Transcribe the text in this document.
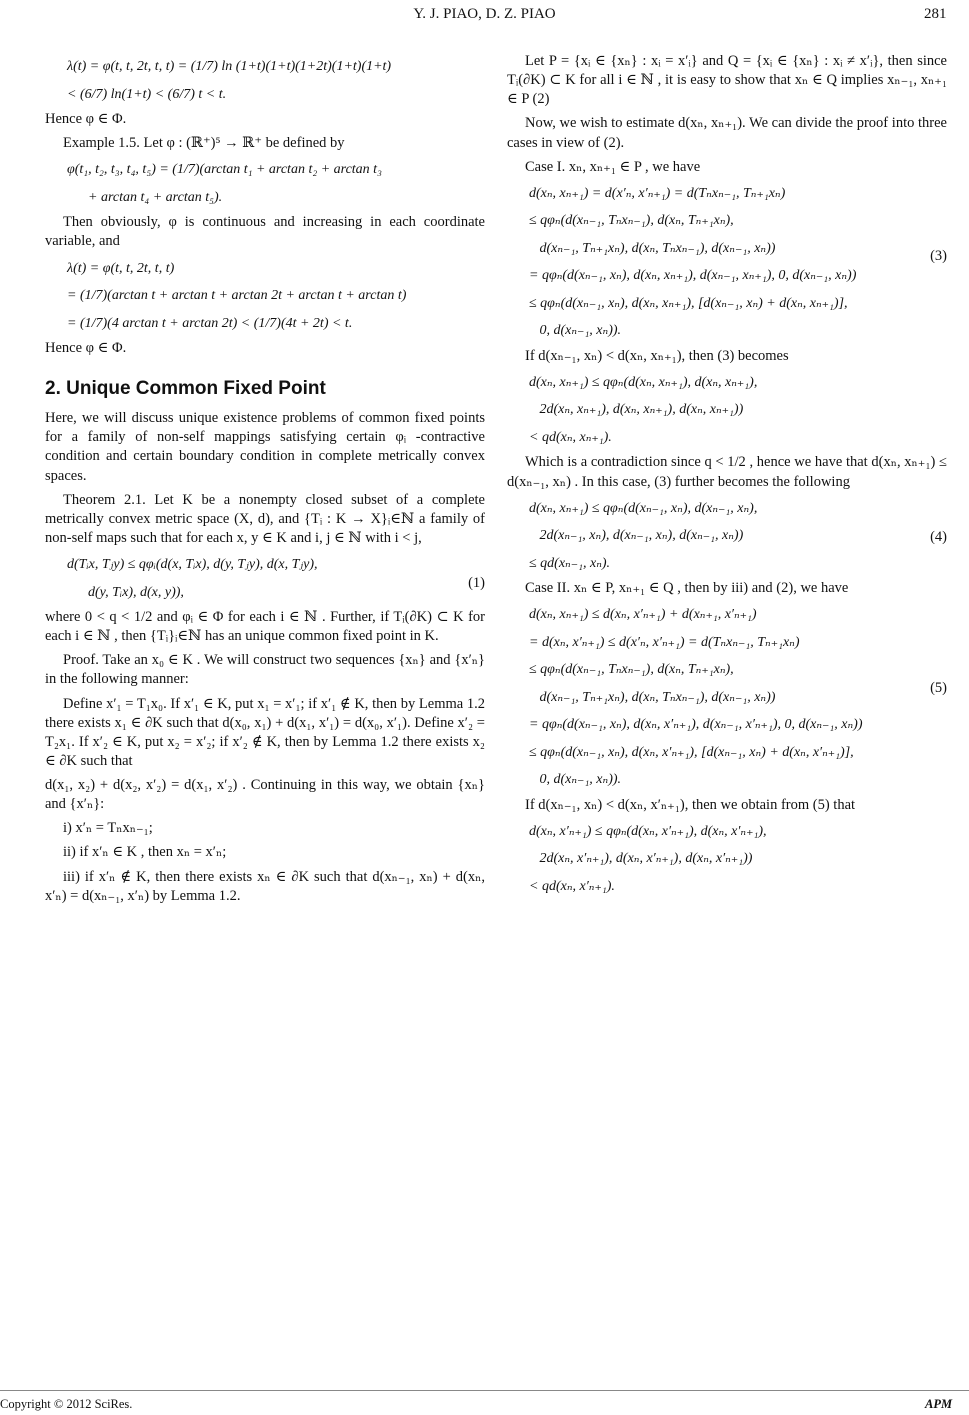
Y. J. PIAO, D. Z. PIAO	281
λ(t) = φ(t, t, 2t, t, t) = (1/7) ln (1+t)(1+t)(1+2t)(1+t)(1+t)
< (6/7) ln(1+t) < (6/7) t < t.

Hence φ ∈ Φ.

Example 1.5. Let φ : (ℝ⁺)⁵ → ℝ⁺ be defined by

φ(t₁, t₂, t₃, t₄, t₅) = (1/7)(arctan t₁ + arctan t₂ + arctan t₃
+ arctan t₄ + arctan t₅).

Then obviously, φ is continuous and increasing in each coordinate variable, and

λ(t) = φ(t, t, 2t, t, t)
= (1/7)(arctan t + arctan t + arctan 2t + arctan t + arctan t)
= (1/7)(4 arctan t + arctan 2t) < (1/7)(4t + 2t) < t.

Hence φ ∈ Φ.

2. Unique Common Fixed Point

Here, we will discuss unique existence problems of common fixed points for a family of non-self mappings satisfying certain φᵢ -contractive condition and certain boundary condition in complete metrically convex spaces.

Theorem 2.1. Let K be a nonempty closed subset of a complete metrically convex metric space (X, d), and {Tᵢ : K → X}ᵢ∈ℕ a family of non-self maps such that for each x, y ∈ K and i, j ∈ ℕ with i < j,

d(Tᵢx, Tⱼy) ≤ qφᵢ(d(x, Tᵢx), d(y, Tⱼy), d(x, Tⱼy),
d(y, Tᵢx), d(x, y)),
(1)

where 0 < q < 1/2 and φᵢ ∈ Φ for each i ∈ ℕ . Further, if Tᵢ(∂K) ⊂ K for each i ∈ ℕ , then {Tᵢ}ᵢ∈ℕ has an unique common fixed point in K.

Proof. Take an x₀ ∈ K . We will construct two sequences {xₙ} and {x′ₙ} in the following manner:

Define x′₁ = T₁x₀. If x′₁ ∈ K, put x₁ = x′₁; if x′₁ ∉ K, then by Lemma 1.2 there exists x₁ ∈ ∂K such that d(x₀, x₁) + d(x₁, x′₁) = d(x₀, x′₁). Define x′₂ = T₂x₁. If x′₂ ∈ K, put x₂ = x′₂; if x′₂ ∉ K, then by Lemma 1.2 there exists x₂ ∈ ∂K such that

d(x₁, x₂) + d(x₂, x′₂) = d(x₁, x′₂) . Continuing in this way, we obtain {xₙ} and {x′ₙ}:

i) x′ₙ = Tₙxₙ₋₁;

ii) if x′ₙ ∈ K , then xₙ = x′ₙ;

iii) if x′ₙ ∉ K, then there exists xₙ ∈ ∂K such that d(xₙ₋₁, xₙ) + d(xₙ, x′ₙ) = d(xₙ₋₁, x′ₙ) by Lemma 1.2.

Let P = {xᵢ ∈ {xₙ} : xᵢ = x′ᵢ} and Q = {xᵢ ∈ {xₙ} : xᵢ ≠ x′ᵢ}, then since Tᵢ(∂K) ⊂ K for all i ∈ ℕ , it is easy to show that xₙ ∈ Q implies xₙ₋₁, xₙ₊₁ ∈ P (2)

Now, we wish to estimate d(xₙ, xₙ₊₁). We can divide the proof into three cases in view of (2).

Case I. xₙ, xₙ₊₁ ∈ P , we have

d(xₙ, xₙ₊₁) = d(x′ₙ, x′ₙ₊₁) = d(Tₙxₙ₋₁, Tₙ₊₁xₙ)
≤ qφₙ(d(xₙ₋₁, Tₙxₙ₋₁), d(xₙ, Tₙ₊₁xₙ),
d(xₙ₋₁, Tₙ₊₁xₙ), d(xₙ, Tₙxₙ₋₁), d(xₙ₋₁, xₙ))
= qφₙ(d(xₙ₋₁, xₙ), d(xₙ, xₙ₊₁), d(xₙ₋₁, xₙ₊₁), 0, d(xₙ₋₁, xₙ))
≤ qφₙ(d(xₙ₋₁, xₙ), d(xₙ, xₙ₊₁), [d(xₙ₋₁, xₙ) + d(xₙ, xₙ₊₁)],
0, d(xₙ₋₁, xₙ)).
(3)

If d(xₙ₋₁, xₙ) < d(xₙ, xₙ₊₁), then (3) becomes

d(xₙ, xₙ₊₁) ≤ qφₙ(d(xₙ, xₙ₊₁), d(xₙ, xₙ₊₁),
2d(xₙ, xₙ₊₁), d(xₙ, xₙ₊₁), d(xₙ, xₙ₊₁))
< qd(xₙ, xₙ₊₁).

Which is a contradiction since q < 1/2 , hence we have that d(xₙ, xₙ₊₁) ≤ d(xₙ₋₁, xₙ) . In this case, (3) further becomes the following

d(xₙ, xₙ₊₁) ≤ qφₙ(d(xₙ₋₁, xₙ), d(xₙ₋₁, xₙ),
2d(xₙ₋₁, xₙ), d(xₙ₋₁, xₙ), d(xₙ₋₁, xₙ))
≤ qd(xₙ₋₁, xₙ).
(4)

Case II. xₙ ∈ P, xₙ₊₁ ∈ Q , then by iii) and (2), we have

d(xₙ, xₙ₊₁) ≤ d(xₙ, x′ₙ₊₁) + d(xₙ₊₁, x′ₙ₊₁)
= d(xₙ, x′ₙ₊₁) ≤ d(x′ₙ, x′ₙ₊₁) = d(Tₙxₙ₋₁, Tₙ₊₁xₙ)
≤ qφₙ(d(xₙ₋₁, Tₙxₙ₋₁), d(xₙ, Tₙ₊₁xₙ),
d(xₙ₋₁, Tₙ₊₁xₙ), d(xₙ, Tₙxₙ₋₁), d(xₙ₋₁, xₙ))
= qφₙ(d(xₙ₋₁, xₙ), d(xₙ, x′ₙ₊₁), d(xₙ₋₁, x′ₙ₊₁), 0, d(xₙ₋₁, xₙ))
≤ qφₙ(d(xₙ₋₁, xₙ), d(xₙ, x′ₙ₊₁), [d(xₙ₋₁, xₙ) + d(xₙ, x′ₙ₊₁)],
0, d(xₙ₋₁, xₙ)).
(5)

If d(xₙ₋₁, xₙ) < d(xₙ, x′ₙ₊₁), then we obtain from (5) that

d(xₙ, x′ₙ₊₁) ≤ qφₙ(d(xₙ, x′ₙ₊₁), d(xₙ, x′ₙ₊₁),
2d(xₙ, x′ₙ₊₁), d(xₙ, x′ₙ₊₁), d(xₙ, x′ₙ₊₁))
< qd(xₙ, x′ₙ₊₁).
Copyright © 2012 SciRes.	APM
